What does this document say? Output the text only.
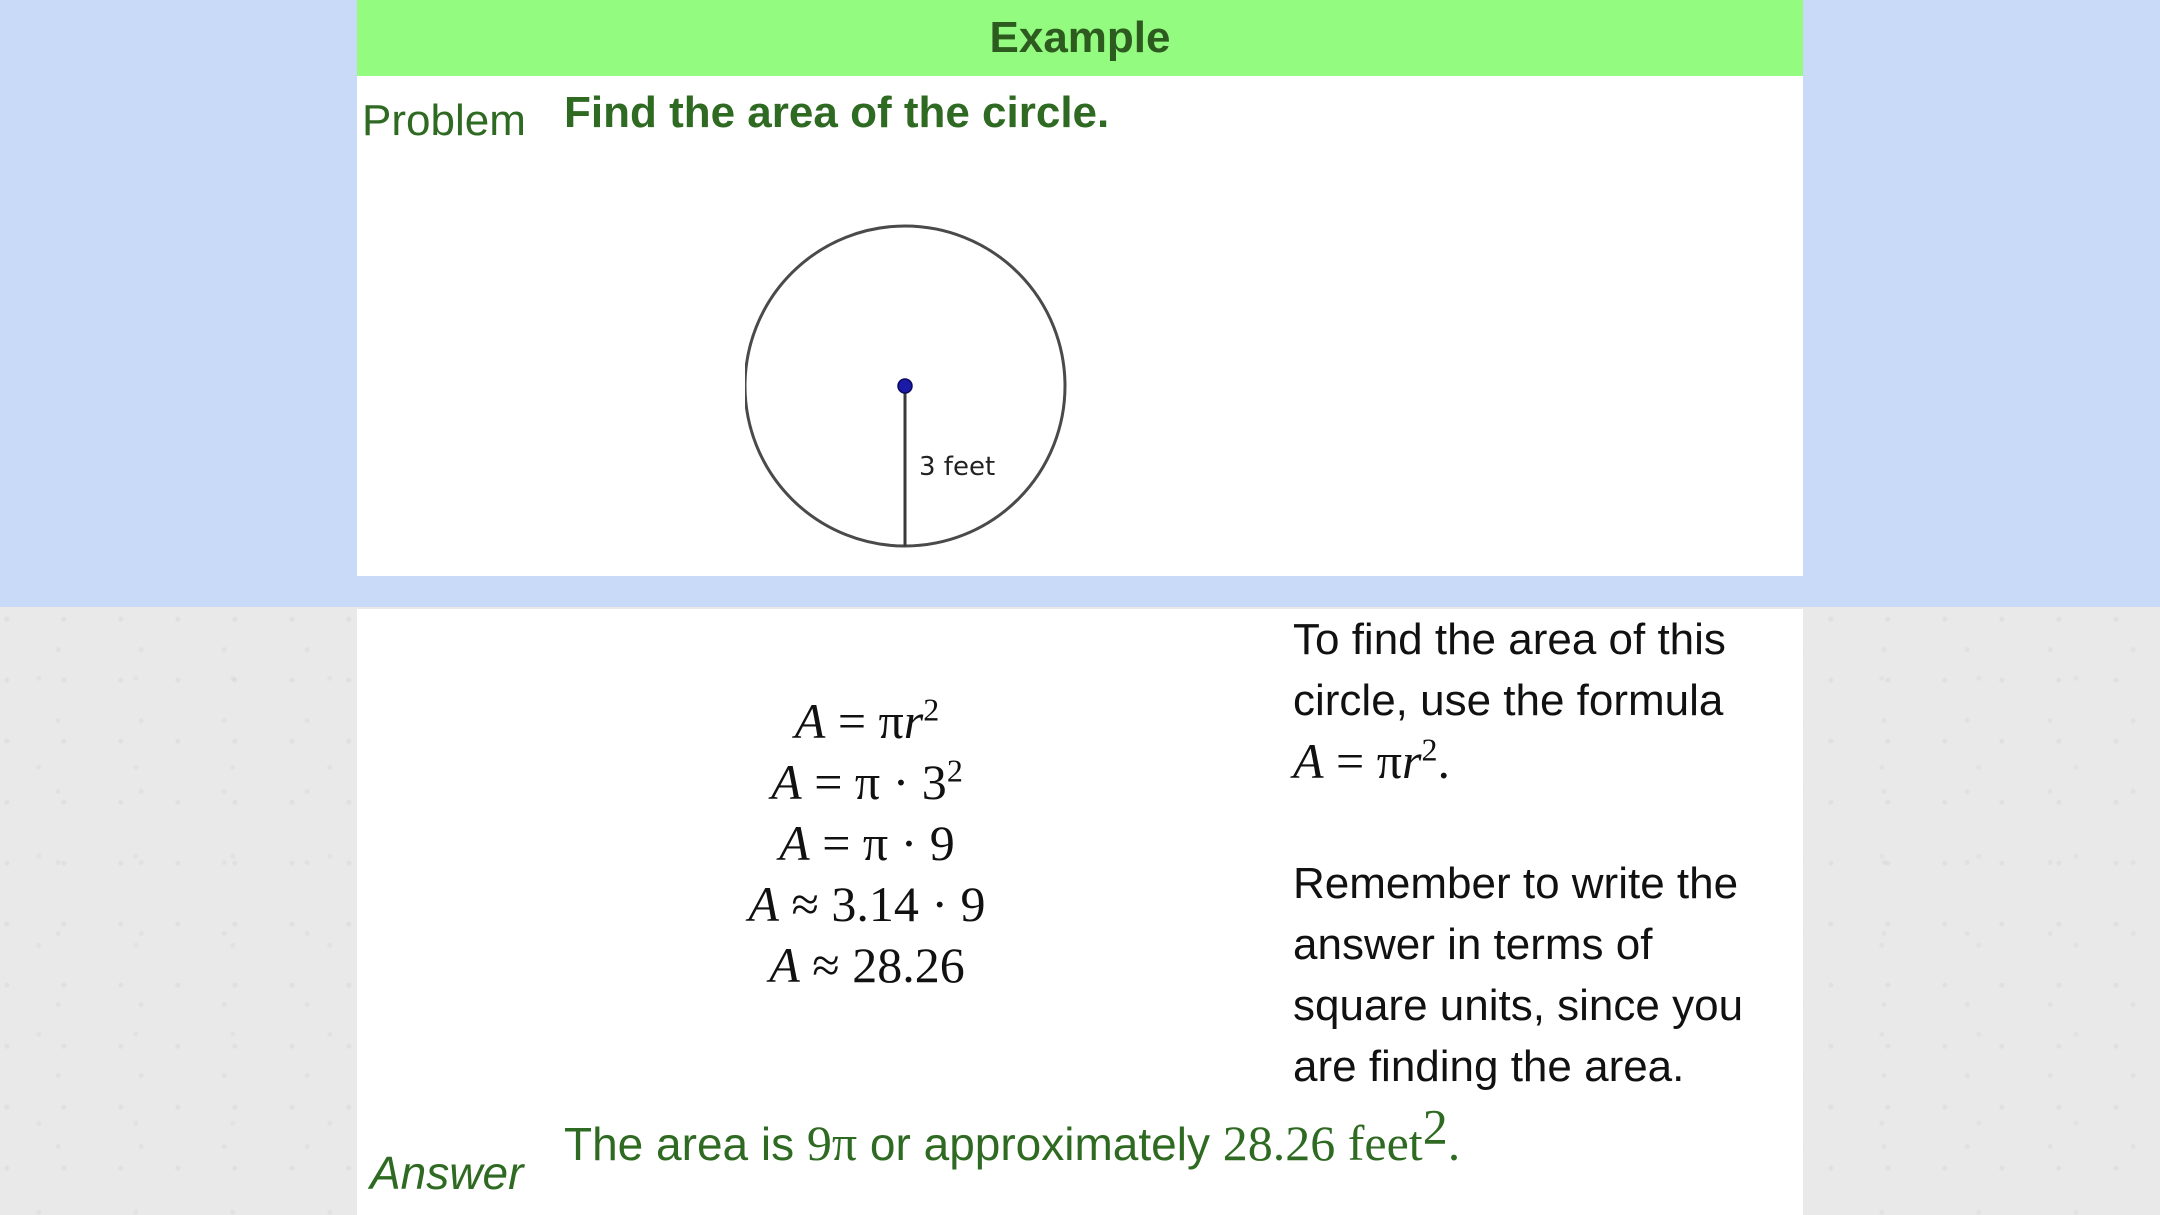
Example
Problem Find the area of the circle.
3 feet
$A = \pi r^2$
$A = \pi \cdot 3^2$
A = π · 9
A ≈ 3.14 · 9
A ≈ 28.26

To find the area of this

circle, use the formula

$A = \pi r^2$.

Remember to write the

answer in terms of

square units, since you

are finding the area.

Answer
The area is 9π or approximately 28.26 feet$^2$.
